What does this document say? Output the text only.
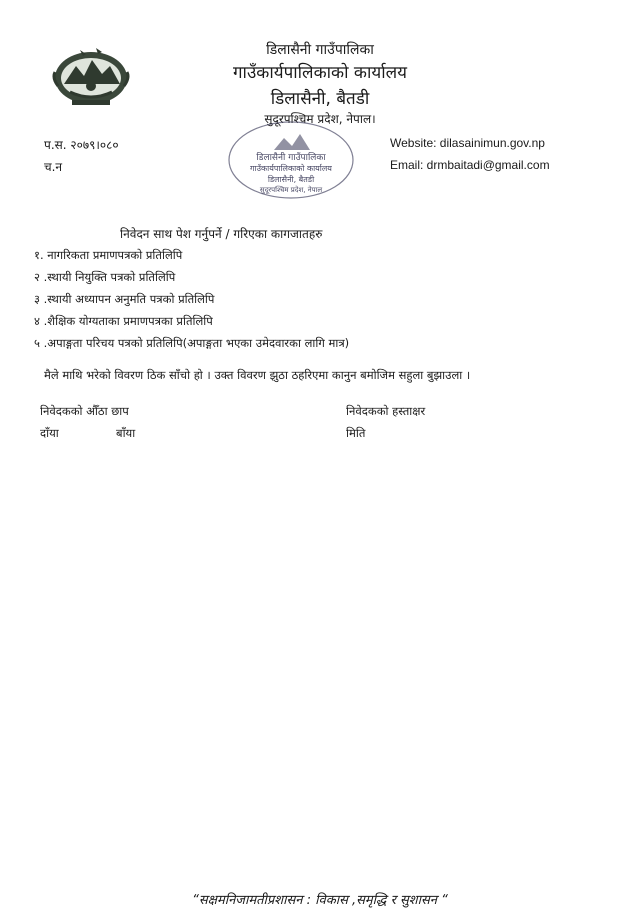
डिलासैनी गाउँपालिका
गाउँकार्यपालिकाको कार्यालय
डिलासैनी, बैतडी
सुदूरपश्चिम प्रदेश, नेपाल।
डिलासैनी गाउँपालिका
गाउँकार्यपालिकाको कार्यालय
डिलासैनी, बैतडी
सुदूरपश्चिम प्रदेश, नेपाल
प.स. २०७९।०८०
च.न
Website: dilasainimun.gov.np
Email: drmbaitadi@gmail.com
निवेदन साथ पेश गर्नुपर्ने / गरिएका कागजातहरु
१. नागरिकता प्रमाणपत्रको प्रतिलिपि
२ .स्थायी नियुक्ति पत्रको प्रतिलिपि
३ .स्थायी अध्यापन अनुमति पत्रको प्रतिलिपि
४ .शैक्षिक योग्यताका प्रमाणपत्रका प्रतिलिपि
५ .अपाङ्गता परिचय पत्रको प्रतिलिपि(अपाङ्गता भएका उमेदवारका लागि मात्र)
मैले माथि भरेको विवरण ठिक साँचो हो । उक्त विवरण झुठा ठहरिएमा कानुन बमोजिम सहुला बुझाउला ।
निवेदकको औँठा छाप
दाँया	बाँया
निवेदकको हस्ताक्षर
मिति
“सक्षमनिजामतीप्रशासन : विकास ,समृद्धि र सुशासन “
